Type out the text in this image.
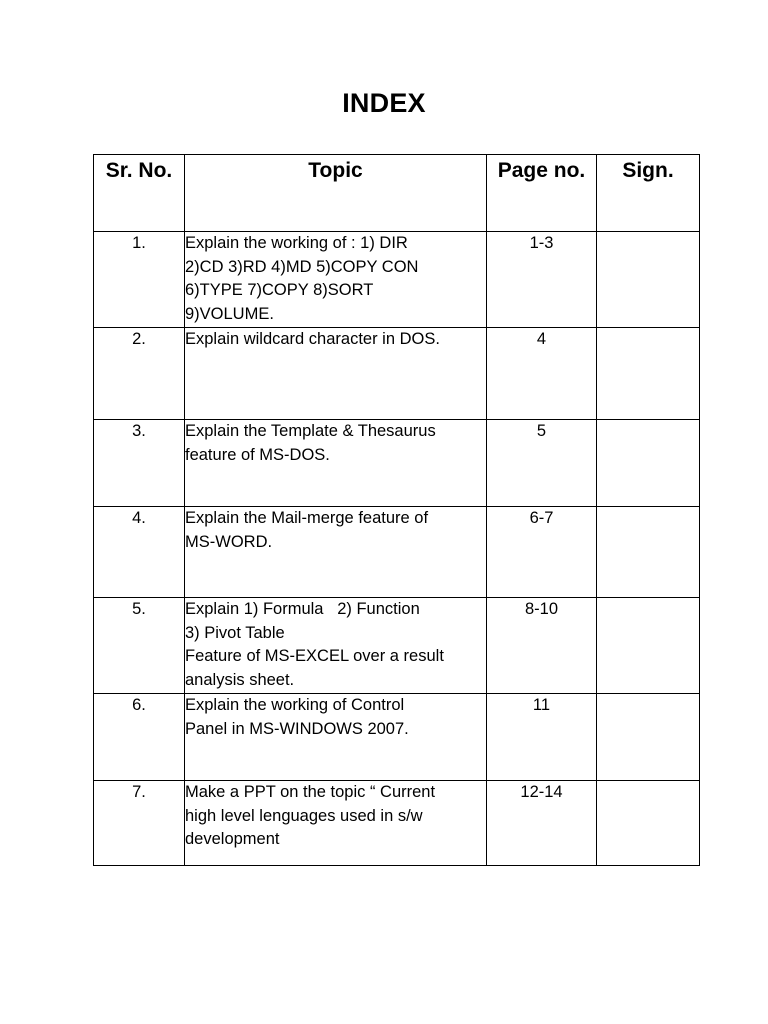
INDEX
Sr. No.	Topic	Page no.	Sign.
1.	Explain the working of : 1) DIR
2)CD 3)RD 4)MD 5)COPY CON
6)TYPE 7)COPY 8)SORT
9)VOLUME.	1-3	
2.	Explain wildcard character in DOS.	4	
3.	Explain the Template & Thesaurus
feature of MS-DOS.	5	
4.	Explain the Mail-merge feature of
MS-WORD.	6-7	
5.	Explain 1) Formula   2) Function
3) Pivot Table
Feature of MS-EXCEL over a result
analysis sheet.	8-10	
6.	Explain the working of Control
Panel in MS-WINDOWS 2007.	11	
7.	Make a PPT on the topic “ Current
high level lenguages used in s/w
development	12-14	
